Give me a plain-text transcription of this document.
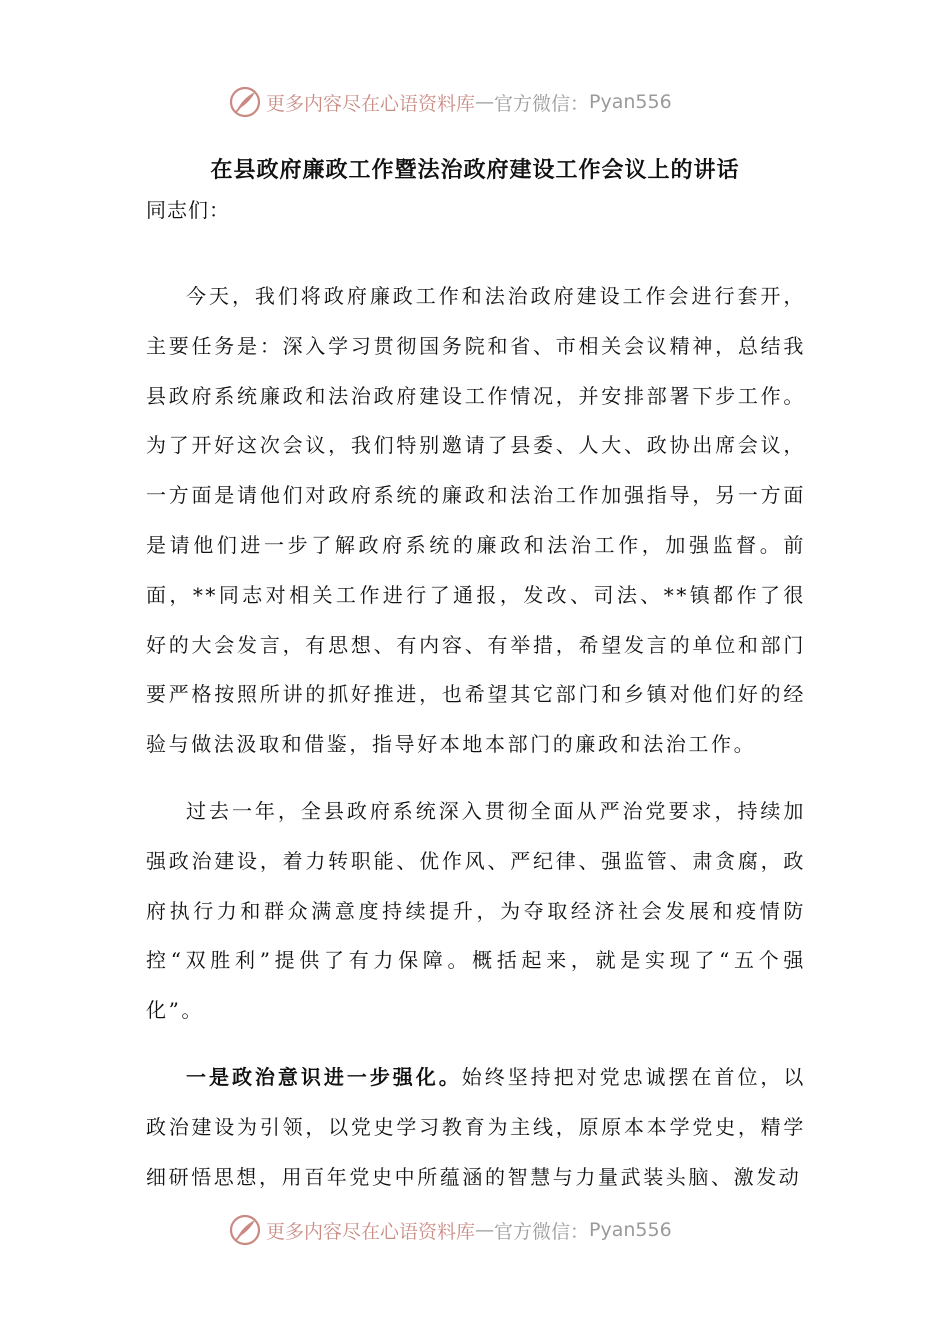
更多内容尽在心语资料库 — 官方微信： Pyan556
在县政府廉政工作暨法治政府建设工作会议上的讲话
同志们：

今天，我们将政府廉政工作和法治政府建设工作会进行套开，主要任务是：深入学习贯彻国务院和省、市相关会议精神，总结我县政府系统廉政和法治政府建设工作情况，并安排部署下步工作。为了开好这次会议，我们特别邀请了县委、人大、政协出席会议，一方面是请他们对政府系统的廉政和法治工作加强指导，另一方面是请他们进一步了解政府系统的廉政和法治工作，加强监督。前面，**同志对相关工作进行了通报，发改、司法、**镇都作了很好的大会发言，有思想、有内容、有举措，希望发言的单位和部门要严格按照所讲的抓好推进，也希望其它部门和乡镇对他们好的经验与做法汲取和借鉴，指导好本地本部门的廉政和法治工作。

过去一年，全县政府系统深入贯彻全面从严治党要求，持续加强政治建设，着力转职能、优作风、严纪律、强监管、肃贪腐，政府执行力和群众满意度持续提升，为夺取经济社会发展和疫情防控“双胜利”提供了有力保障。概括起来，就是实现了“五个强化”。

一是政治意识进一步强化。始终坚持把对党忠诚摆在首位，以政治建设为引领，以党史学习教育为主线，原原本本学党史，精学细研悟思想，用百年党史中所蕴涵的智慧与力量武装头脑、激发动

更多内容尽在心语资料库 — 官方微信： Pyan556
